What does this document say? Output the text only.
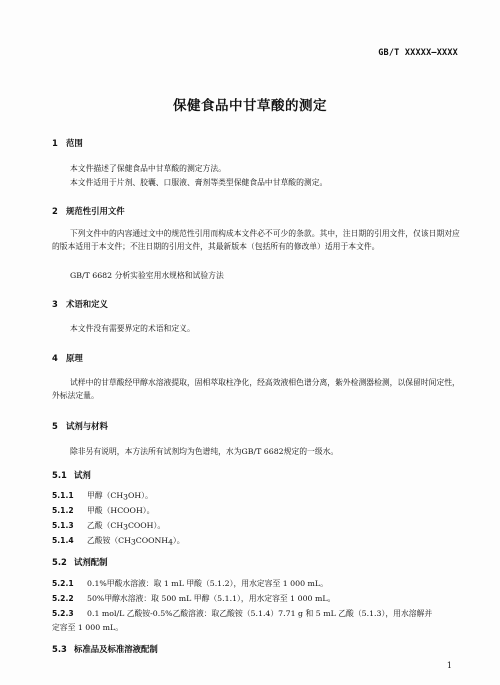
GB/T XXXXX—XXXX
保健食品中甘草酸的测定
1 范围
本文件描述了保健食品中甘草酸的测定方法。
本文件适用于片剂、胶囊、口服液、膏剂等类型保健食品中甘草酸的测定。
2 规范性引用文件
下列文件中的内容通过文中的规范性引用而构成本文件必不可少的条款。其中，注日期的引用文件，仅该日期对应的版本适用于本文件；不注日期的引用文件，其最新版本（包括所有的修改单）适用于本文件。
GB/T 6682 分析实验室用水规格和试验方法
3 术语和定义
本文件没有需要界定的术语和定义。
4 原理
试样中的甘草酸经甲醇水溶液提取，固相萃取柱净化，经高效液相色谱分离，紫外检测器检测，以保留时间定性，外标法定量。
5 试剂与材料
除非另有说明，本方法所有试剂均为色谱纯，水为GB/T 6682规定的一级水。
5.1 试剂
5.1.1 甲醇（CH3OH）。
5.1.2 甲酸（HCOOH）。
5.1.3 乙酸（CH3COOH）。
5.1.4 乙酸铵（CH3COONH4）。
5.2 试剂配制
5.2.1 0.1%甲酸水溶液：取 1 mL 甲酸（5.1.2），用水定容至 1 000 mL。
5.2.2 50%甲醇水溶液：取 500 mL 甲醇（5.1.1），用水定容至 1 000 mL。
5.2.3 0.1 mol/L 乙酸铵-0.5%乙酸溶液：取乙酸铵（5.1.4）7.71 g 和 5 mL 乙酸（5.1.3），用水溶解并
定容至 1 000 mL。
5.3 标准品及标准溶液配制
1
